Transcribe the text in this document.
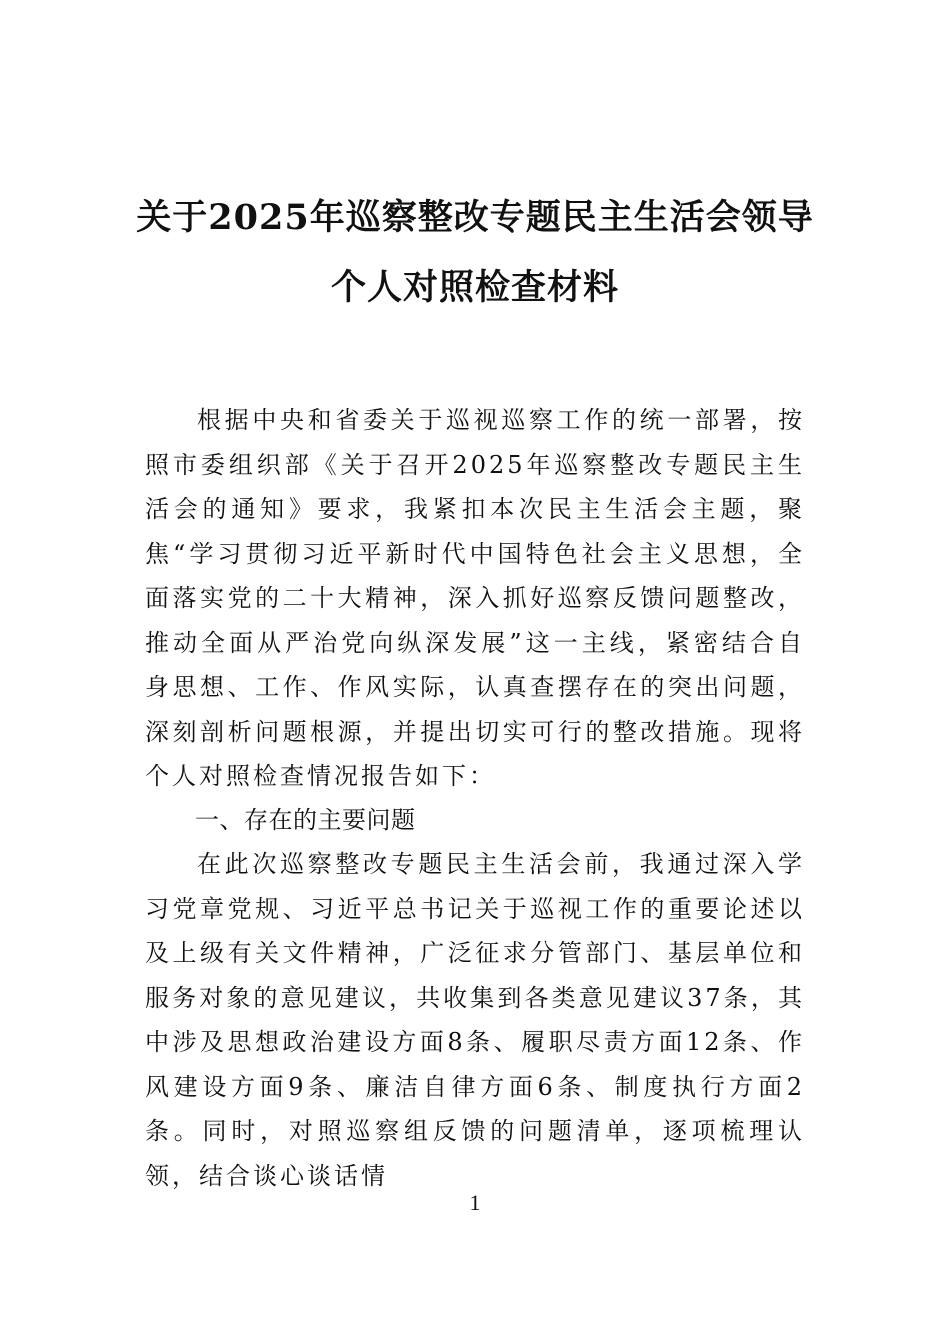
关于2025年巡察整改专题民主生活会领导
个人对照检查材料
根据中央和省委关于巡视巡察工作的统一部署，按照市委组织部《关于召开2025年巡察整改专题民主生活会的通知》要求，我紧扣本次民主生活会主题，聚焦“学习贯彻习近平新时代中国特色社会主义思想，全面落实党的二十大精神，深入抓好巡察反馈问题整改，推动全面从严治党向纵深发展”这一主线，紧密结合自身思想、工作、作风实际，认真查摆存在的突出问题，深刻剖析问题根源，并提出切实可行的整改措施。现将个人对照检查情况报告如下：
一、存在的主要问题
在此次巡察整改专题民主生活会前，我通过深入学习党章党规、习近平总书记关于巡视工作的重要论述以及上级有关文件精神，广泛征求分管部门、基层单位和服务对象的意见建议，共收集到各类意见建议37条，其中涉及思想政治建设方面8条、履职尽责方面12条、作风建设方面9条、廉洁自律方面6条、制度执行方面2条。同时，对照巡察组反馈的问题清单，逐项梳理认领，结合谈心谈话情
1
